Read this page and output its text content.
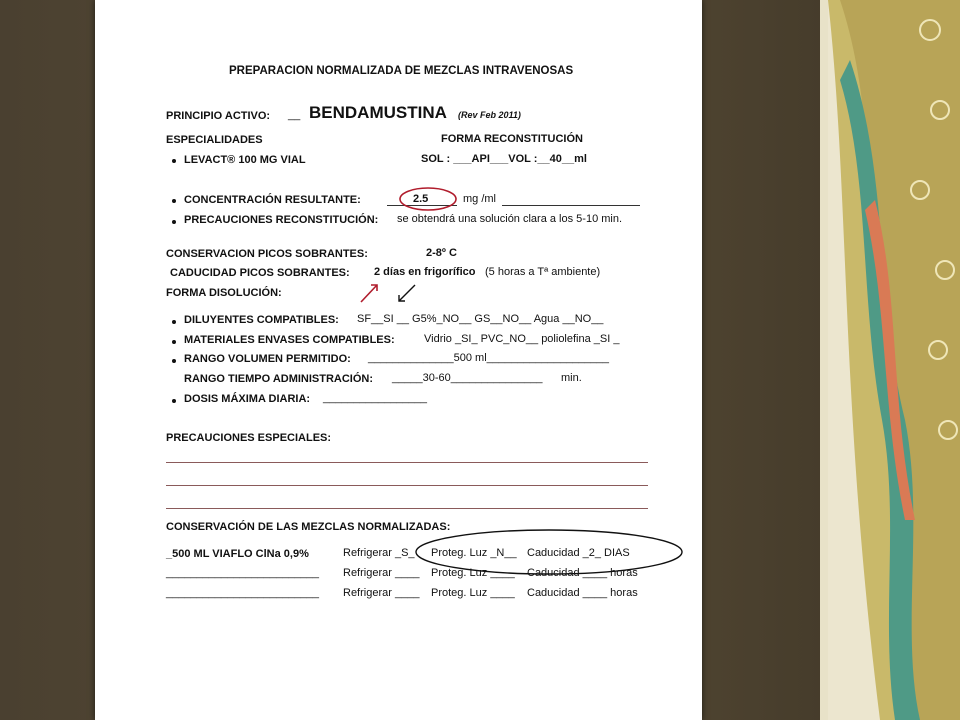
PREPARACION NORMALIZADA DE MEZCLAS INTRAVENOSAS
PRINCIPIO ACTIVO: __ BENDAMUSTINA (Rev Feb 2011)
ESPECIALIDADES	FORMA RECONSTITUCIÓN
LEVACT® 100 MG VIAL	SOL : ___API___VOL :__40__ml
CONCENTRACIÓN RESULTANTE:	2.5	mg /ml
PRECAUCIONES RECONSTITUCIÓN: se obtendrá una solución clara a los 5-10 min.
CONSERVACION PICOS SOBRANTES:	2-8º C
CADUCIDAD PICOS SOBRANTES: 2 días en frigorífico (5 horas a Tª ambiente)
FORMA DISOLUCIÓN:
DILUYENTES COMPATIBLES: SF__SI __ G5%_NO__ GS__NO__ Agua __NO__
MATERIALES ENVASES COMPATIBLES:	Vidrio _SI_ PVC_NO__ poliolefina _SI _
RANGO VOLUMEN PERMITIDO: ______________500 ml____________________
RANGO TIEMPO ADMINISTRACIÓN: _____30-60_______________ min.
DOSIS MÁXIMA DIARIA: _________________
PRECAUCIONES ESPECIALES:
CONSERVACIÓN DE LAS MEZCLAS NORMALIZADAS:
_500 ML VIAFLO ClNa 0,9%	Refrigerar _S_ Proteg. Luz _N__ Caducidad _2_ DIAS
_________________________ Refrigerar ____ Proteg. Luz ____ Caducidad ____ horas
_________________________ Refrigerar ____ Proteg. Luz ____ Caducidad ____ horas
